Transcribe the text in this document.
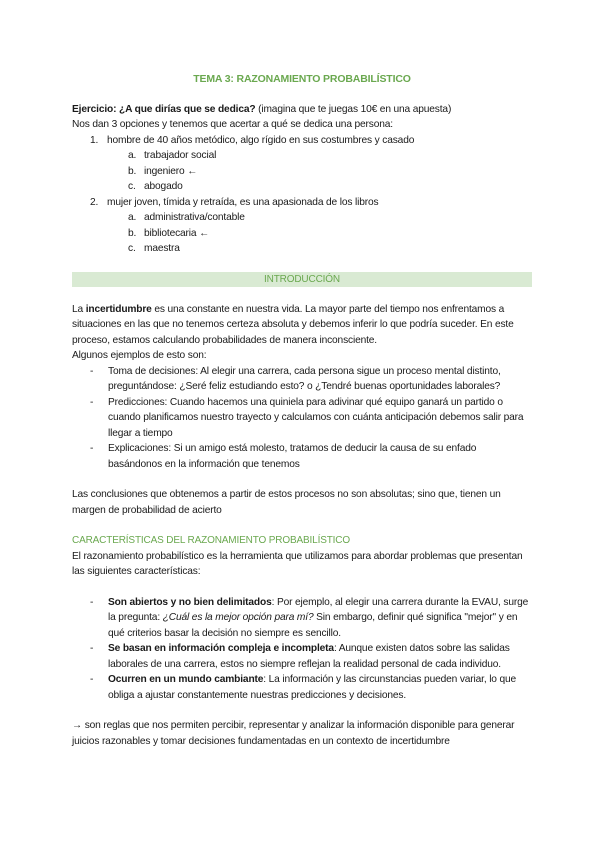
TEMA 3: RAZONAMIENTO PROBABILÍSTICO

Ejercicio: ¿A que dirías que se dedica? (imagina que te juegas 10€ en una apuesta)

Nos dan 3 opciones y tenemos que acertar a qué se dedica una persona:

1. hombre de 40 años metódico, algo rígido en sus costumbres y casado
a. trabajador social
b. ingeniero ←
c. abogado
2. mujer joven, tímida y retraída, es una apasionada de los libros
a. administrativa/contable
b. bibliotecaria ←
c. maestra
INTRODUCCIÓN

La incertidumbre es una constante en nuestra vida. La mayor parte del tiempo nos enfrentamos a situaciones en las que no tenemos certeza absoluta y debemos inferir lo que podría suceder. En este proceso, estamos calculando probabilidades de manera inconsciente.

Algunos ejemplos de esto son:

- Toma de decisiones: Al elegir una carrera, cada persona sigue un proceso mental distinto, preguntándose: ¿Seré feliz estudiando esto? o ¿Tendré buenas oportunidades laborales?
- Predicciones: Cuando hacemos una quiniela para adivinar qué equipo ganará un partido o cuando planificamos nuestro trayecto y calculamos con cuánta anticipación debemos salir para llegar a tiempo
- Explicaciones: Si un amigo está molesto, tratamos de deducir la causa de su enfado basándonos en la información que tenemos

Las conclusiones que obtenemos a partir de estos procesos no son absolutas; sino que, tienen un margen de probabilidad de acierto

CARACTERÍSTICAS DEL RAZONAMIENTO PROBABILÍSTICO

El razonamiento probabilístico es la herramienta que utilizamos para abordar problemas que presentan las siguientes características:

- Son abiertos y no bien delimitados: Por ejemplo, al elegir una carrera durante la EVAU, surge la pregunta: ¿Cuál es la mejor opción para mí? Sin embargo, definir qué significa "mejor" y en qué criterios basar la decisión no siempre es sencillo.
- Se basan en información compleja e incompleta: Aunque existen datos sobre las salidas laborales de una carrera, estos no siempre reflejan la realidad personal de cada individuo.
- Ocurren en un mundo cambiante: La información y las circunstancias pueden variar, lo que obliga a ajustar constantemente nuestras predicciones y decisiones.

→ son reglas que nos permiten percibir, representar y analizar la información disponible para generar juicios razonables y tomar decisiones fundamentadas en un contexto de incertidumbre
